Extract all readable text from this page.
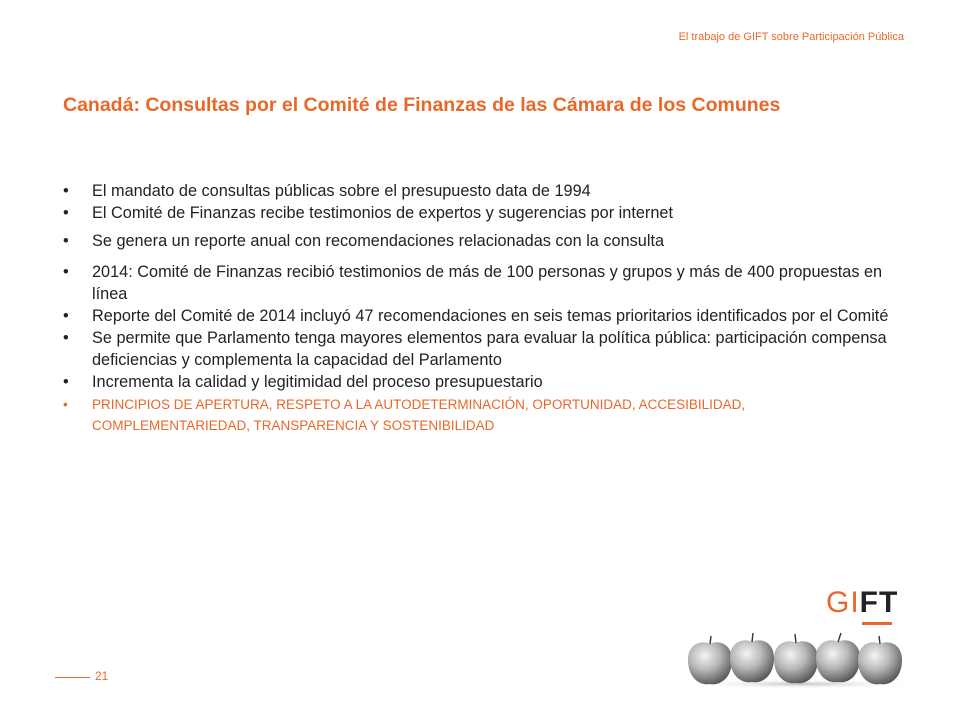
El trabajo de GIFT sobre Participación Pública
Canadá: Consultas por el Comité de Finanzas de las Cámara de los Comunes
• El mandato de consultas públicas sobre el presupuesto data de 1994
• El Comité de Finanzas recibe testimonios de expertos y sugerencias por internet
• Se genera un reporte anual con recomendaciones relacionadas con la consulta
• 2014: Comité de Finanzas recibió testimonios de más de 100 personas y grupos y más de 400 propuestas en línea
• Reporte del Comité de 2014 incluyó 47 recomendaciones en seis temas prioritarios identificados por el Comité
• Se permite que Parlamento tenga mayores elementos para evaluar la política pública: participación compensa deficiencias y complementa la capacidad del Parlamento
• Incrementa la calidad y legitimidad del proceso presupuestario
• PRINCIPIOS DE APERTURA, RESPETO A LA AUTODETERMINACIÓN, OPORTUNIDAD, ACCESIBILIDAD, COMPLEMENTARIEDAD, TRANSPARENCIA Y SOSTENIBILIDAD
GIFT
21
